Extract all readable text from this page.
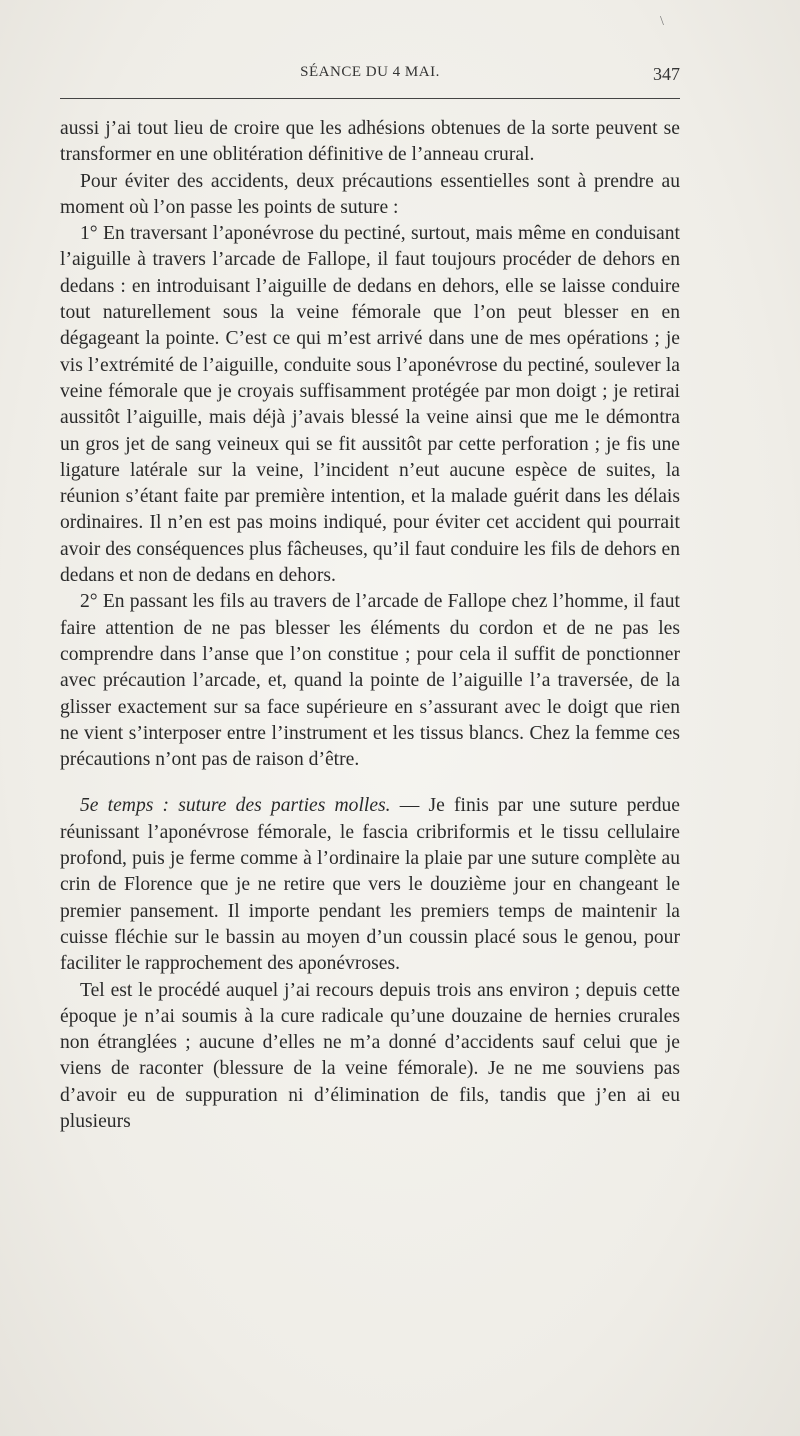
\
SÉANCE DU 4 MAI.	347

aussi j’ai tout lieu de croire que les adhésions obtenues de la sorte peuvent se transformer en une oblitération définitive de l’anneau crural.

Pour éviter des accidents, deux précautions essentielles sont à prendre au moment où l’on passe les points de suture :

1° En traversant l’aponévrose du pectiné, surtout, mais même en conduisant l’aiguille à travers l’arcade de Fallope, il faut toujours procéder de dehors en dedans : en introduisant l’aiguille de dedans en dehors, elle se laisse conduire tout naturellement sous la veine fémorale que l’on peut blesser en en dégageant la pointe. C’est ce qui m’est arrivé dans une de mes opérations ; je vis l’extrémité de l’aiguille, conduite sous l’aponévrose du pectiné, soulever la veine fémorale que je croyais suffisamment protégée par mon doigt ; je retirai aussitôt l’aiguille, mais déjà j’avais blessé la veine ainsi que me le démontra un gros jet de sang veineux qui se fit aussitôt par cette perforation ; je fis une ligature latérale sur la veine, l’incident n’eut aucune espèce de suites, la réunion s’étant faite par première intention, et la malade guérit dans les délais ordinaires. Il n’en est pas moins indiqué, pour éviter cet accident qui pourrait avoir des conséquences plus fâcheuses, qu’il faut conduire les fils de dehors en dedans et non de dedans en dehors.

2° En passant les fils au travers de l’arcade de Fallope chez l’homme, il faut faire attention de ne pas blesser les éléments du cordon et de ne pas les comprendre dans l’anse que l’on constitue ; pour cela il suffit de ponctionner avec précaution l’arcade, et, quand la pointe de l’aiguille l’a traversée, de la glisser exactement sur sa face supérieure en s’assurant avec le doigt que rien ne vient s’interposer entre l’instrument et les tissus blancs. Chez la femme ces précautions n’ont pas de raison d’être.

5e temps : suture des parties molles. — Je finis par une suture perdue réunissant l’aponévrose fémorale, le fascia cribriformis et le tissu cellulaire profond, puis je ferme comme à l’ordinaire la plaie par une suture complète au crin de Florence que je ne retire que vers le douzième jour en changeant le premier pansement. Il importe pendant les premiers temps de maintenir la cuisse fléchie sur le bassin au moyen d’un coussin placé sous le genou, pour faciliter le rapprochement des aponévroses.

Tel est le procédé auquel j’ai recours depuis trois ans environ ; depuis cette époque je n’ai soumis à la cure radicale qu’une douzaine de hernies crurales non étranglées ; aucune d’elles ne m’a donné d’accidents sauf celui que je viens de raconter (blessure de la veine fémorale). Je ne me souviens pas d’avoir eu de suppuration ni d’élimination de fils, tandis que j’en ai eu plusieurs
